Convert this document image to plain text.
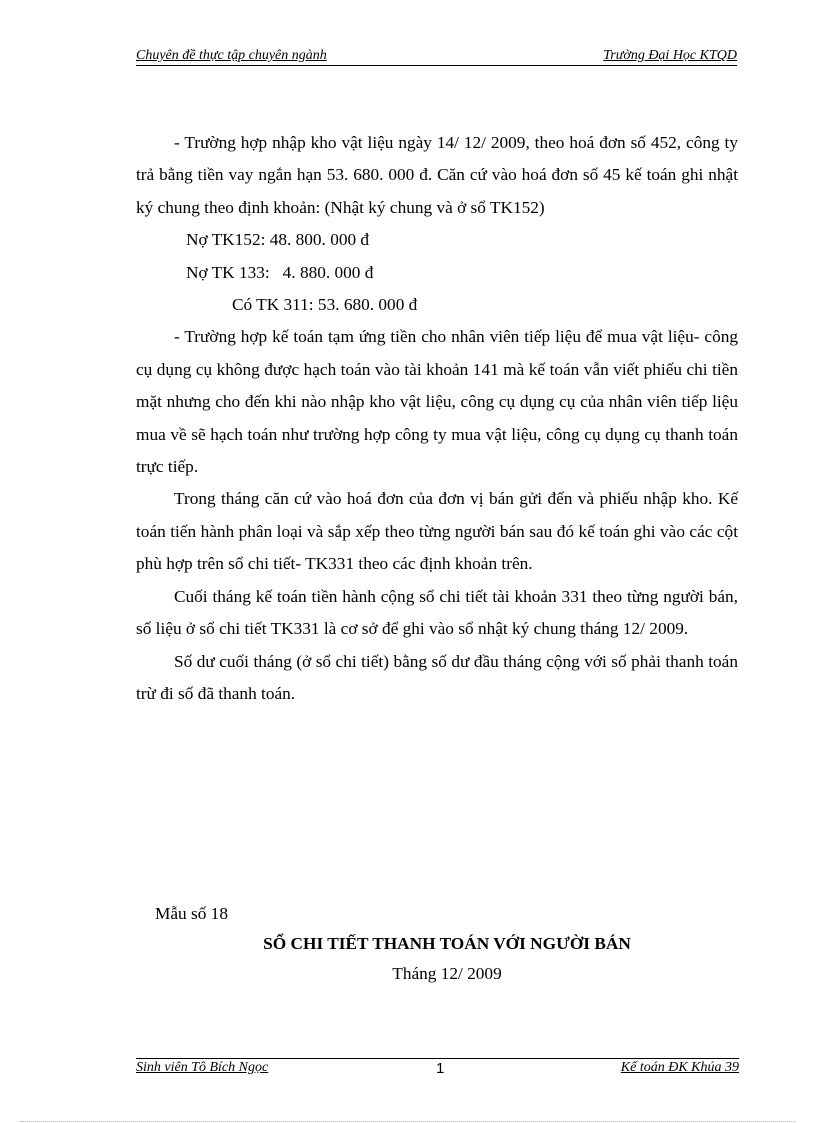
Chuyên đề thực tập chuyên ngành	Trường Đại Học KTQD

- Trường hợp nhập kho vật liệu ngày 14/ 12/ 2009, theo hoá đơn số 452, công ty trả bằng tiền vay ngắn hạn 53. 680. 000 đ. Căn cứ vào hoá đơn số 45 kế toán ghi nhật ký chung theo định khoản: (Nhật ký chung và ở sổ TK152)

Nợ TK152: 48. 800. 000 đ

Nợ TK 133:   4. 880. 000 đ

Có TK 311: 53. 680. 000 đ

- Trường hợp kế toán tạm ứng tiền cho nhân viên tiếp liệu để mua vật liệu- công cụ dụng cụ không được hạch toán vào tài khoản 141 mà kế toán vẫn viết phiếu chi tiền mặt nhưng cho đến khi nào nhập kho vật liệu, công cụ dụng cụ của nhân viên tiếp liệu mua về sẽ hạch toán như trường hợp công ty mua vật liệu, công cụ dụng cụ thanh toán trực tiếp.

Trong tháng căn cứ vào hoá đơn của đơn vị bán gửi đến và phiếu nhập kho. Kế toán tiến hành phân loại và sắp xếp theo từng người bán sau đó kế toán ghi vào các cột phù hợp trên sổ chi tiết- TK331 theo các định khoản trên.

Cuối tháng kế toán tiền hành cộng sổ chi tiết tài khoản 331 theo từng người bán, số liệu ở sổ chi tiết TK331 là cơ sở để ghi vào sổ nhật ký chung tháng 12/ 2009.

Số dư cuối tháng (ở sổ chi tiết) bằng số dư đầu tháng cộng với số phải thanh toán trừ đi số đã thanh toán.

Mẫu số 18
SỔ CHI TIẾT THANH TOÁN VỚI NGƯỜI BÁN
Tháng 12/ 2009
Sinh viên Tô Bích Ngọc	1	Kế toán ĐK Khúa 39
